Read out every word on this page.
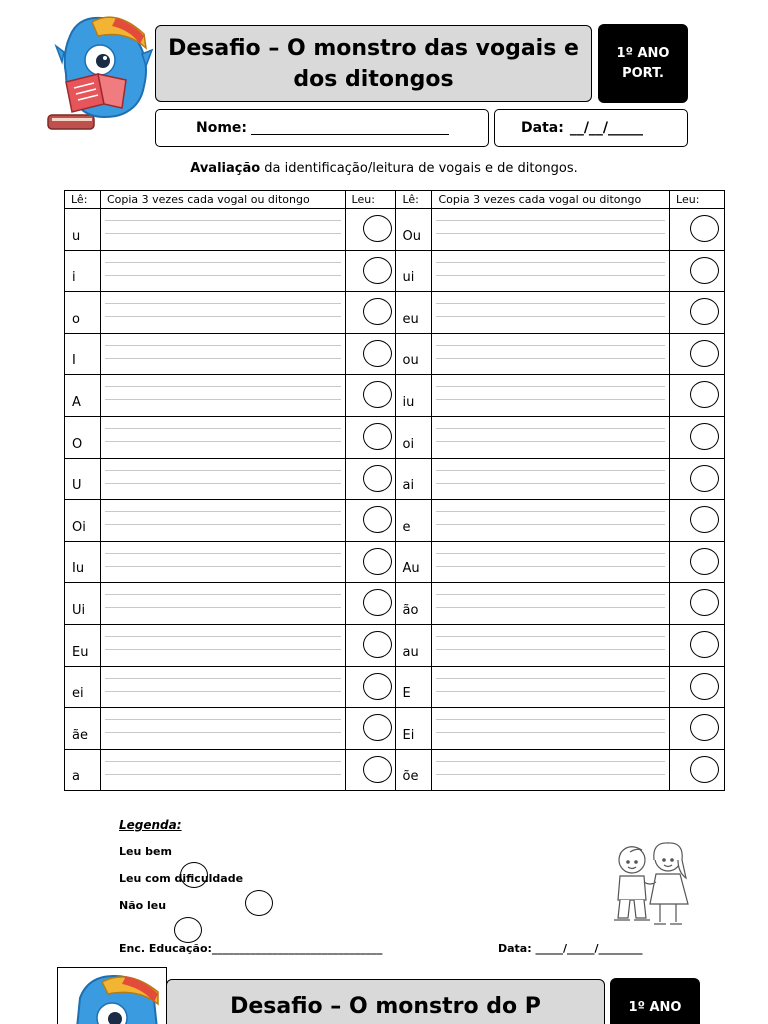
Desafio – O monstro das vogais e
dos ditongos
1º ANO
PORT.
Nome:	Data: __/__/_____
Avaliação da identificação/leitura de vogais e de ditongos.
Lê:	Copia 3 vezes cada vogal ou ditongo	Leu:	Lê:	Copia 3 vezes cada vogal ou ditongo	Leu:
u			Ou	

i			ui	

o			eu	

I			ou	

A			iu	

O			oi	

U			ai	

Oi			e	

Iu			Au	

Ui			ão	

Eu			au	

ei			E	

ãe			Ei	

a			õe	

Legenda:
Leu bem
Leu com dificuldade
Não leu
Enc. Educação:_______________________________	Data: _____/_____/________
Desafio – O monstro do P	1º ANO
